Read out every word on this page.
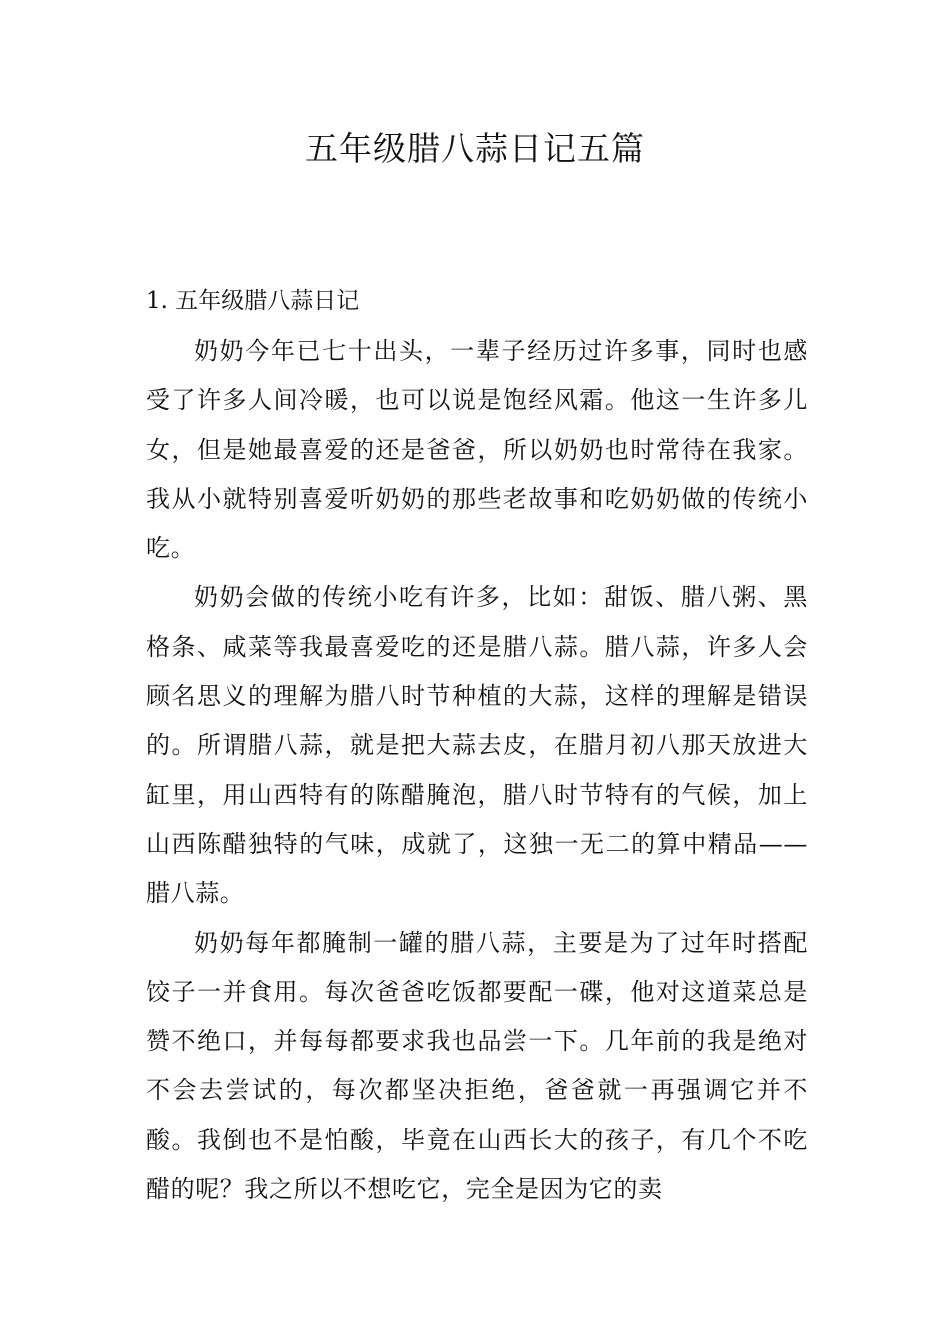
五年级腊八蒜日记五篇
1. 五年级腊八蒜日记

奶奶今年已七十出头，一辈子经历过许多事，同时也感受了许多人间冷暖，也可以说是饱经风霜。他这一生许多儿女，但是她最喜爱的还是爸爸，所以奶奶也时常待在我家。我从小就特别喜爱听奶奶的那些老故事和吃奶奶做的传统小吃。

奶奶会做的传统小吃有许多，比如：甜饭、腊八粥、黑格条、咸菜等我最喜爱吃的还是腊八蒜。腊八蒜，许多人会顾名思义的理解为腊八时节种植的大蒜，这样的理解是错误的。所谓腊八蒜，就是把大蒜去皮，在腊月初八那天放进大缸里，用山西特有的陈醋腌泡，腊八时节特有的气候，加上山西陈醋独特的气味，成就了，这独一无二的算中精品——腊八蒜。

奶奶每年都腌制一罐的腊八蒜，主要是为了过年时搭配饺子一并食用。每次爸爸吃饭都要配一碟，他对这道菜总是赞不绝口，并每每都要求我也品尝一下。几年前的我是绝对不会去尝试的，每次都坚决拒绝，爸爸就一再强调它并不酸。我倒也不是怕酸，毕竟在山西长大的孩子，有几个不吃醋的呢？我之所以不想吃它，完全是因为它的卖
